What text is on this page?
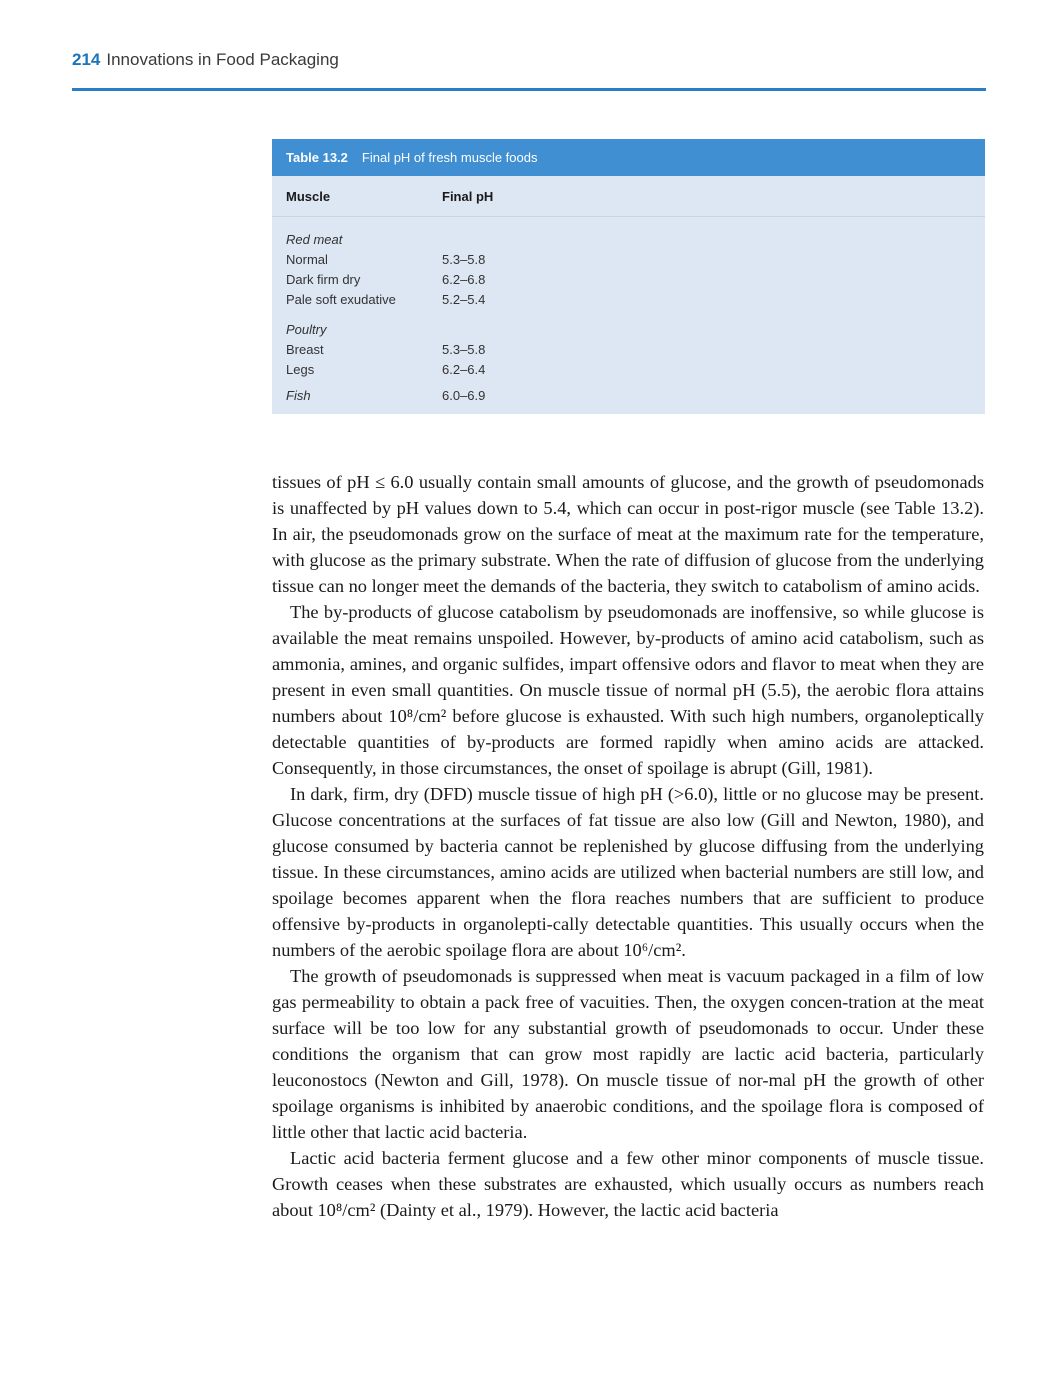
214 Innovations in Food Packaging
Table 13.2 Final pH of fresh muscle foods
Muscle	Final pH
Red meat
Normal	5.3–5.8
Dark firm dry	6.2–6.8
Pale soft exudative	5.2–5.4
Poultry
Breast	5.3–5.8
Legs	6.2–6.4
Fish	6.0–6.9

tissues of pH ≤ 6.0 usually contain small amounts of glucose, and the growth of pseudomonads is unaffected by pH values down to 5.4, which can occur in post-rigor muscle (see Table 13.2). In air, the pseudomonads grow on the surface of meat at the maximum rate for the temperature, with glucose as the primary substrate. When the rate of diffusion of glucose from the underlying tissue can no longer meet the demands of the bacteria, they switch to catabolism of amino acids.

The by-products of glucose catabolism by pseudomonads are inoffensive, so while glucose is available the meat remains unspoiled. However, by-products of amino acid catabolism, such as ammonia, amines, and organic sulfides, impart offensive odors and flavor to meat when they are present in even small quantities. On muscle tissue of normal pH (5.5), the aerobic flora attains numbers about 10⁸/cm² before glucose is exhausted. With such high numbers, organoleptically detectable quantities of by-products are formed rapidly when amino acids are attacked. Consequently, in those circumstances, the onset of spoilage is abrupt (Gill, 1981).

In dark, firm, dry (DFD) muscle tissue of high pH (>6.0), little or no glucose may be present. Glucose concentrations at the surfaces of fat tissue are also low (Gill and Newton, 1980), and glucose consumed by bacteria cannot be replenished by glucose diffusing from the underlying tissue. In these circumstances, amino acids are utilized when bacterial numbers are still low, and spoilage becomes apparent when the flora reaches numbers that are sufficient to produce offensive by-products in organolepti-cally detectable quantities. This usually occurs when the numbers of the aerobic spoilage flora are about 10⁶/cm².

The growth of pseudomonads is suppressed when meat is vacuum packaged in a film of low gas permeability to obtain a pack free of vacuities. Then, the oxygen concen-tration at the meat surface will be too low for any substantial growth of pseudomonads to occur. Under these conditions the organism that can grow most rapidly are lactic acid bacteria, particularly leuconostocs (Newton and Gill, 1978). On muscle tissue of nor-mal pH the growth of other spoilage organisms is inhibited by anaerobic conditions, and the spoilage flora is composed of little other that lactic acid bacteria.

Lactic acid bacteria ferment glucose and a few other minor components of muscle tissue. Growth ceases when these substrates are exhausted, which usually occurs as numbers reach about 10⁸/cm² (Dainty et al., 1979). However, the lactic acid bacteria
